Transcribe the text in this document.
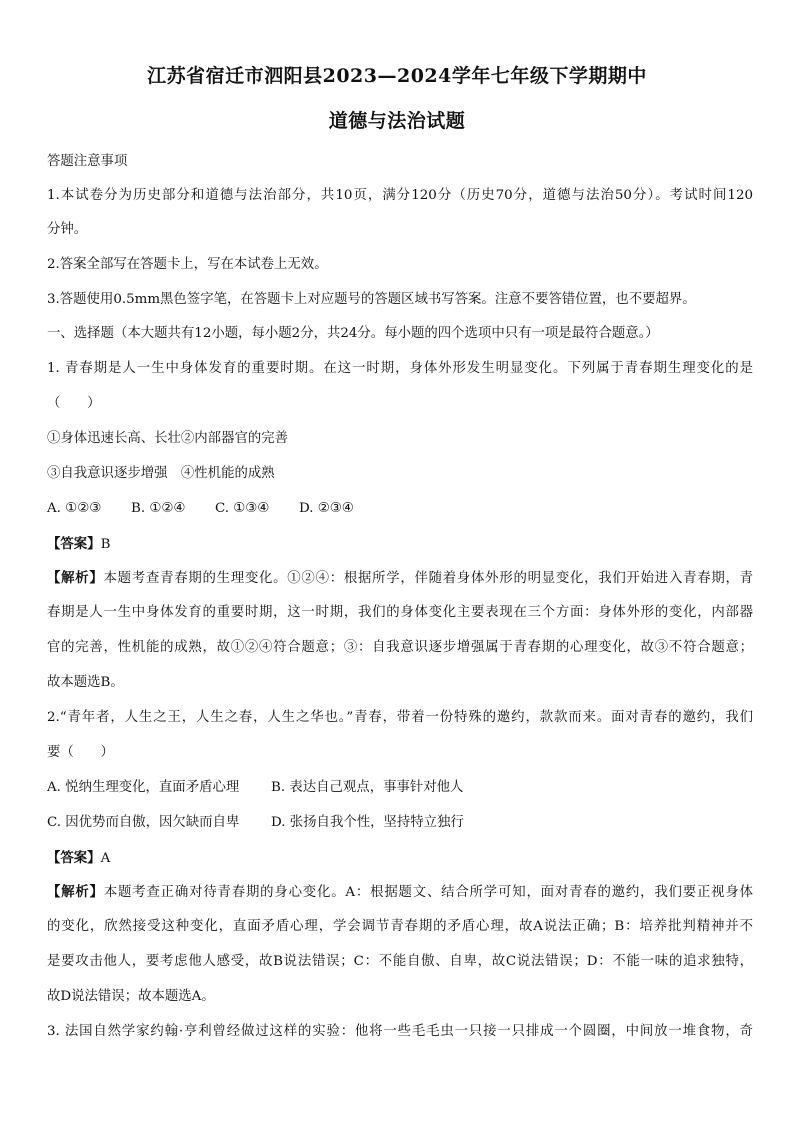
江苏省宿迁市泗阳县2023—2024学年七年级下学期期中
道德与法治试题
答题注意事项
1.本试卷分为历史部分和道德与法治部分，共10页，满分120分（历史70分，道德与法治50分）。考试时间120
分钟。
2.答案全部写在答题卡上，写在本试卷上无效。
3.答题使用0.5mm黑色签字笔，在答题卡上对应题号的答题区域书写答案。注意不要答错位置，也不要超界。
一、选择题（本大题共有12小题，每小题2分，共24分。每小题的四个选项中只有一项是最符合题意。）
1. 青春期是人一生中身体发育的重要时期。在这一时期，身体外形发生明显变化。下列属于青春期生理变化的是
（　　）
①身体迅速长高、长壮②内部器官的完善
③自我意识逐步增强　④性机能的成熟
A. ①②③ B. ①②④ C. ①③④ D. ②③④
【答案】B
【解析】本题考查青春期的生理变化。①②④：根据所学，伴随着身体外形的明显变化，我们开始进入青春期，青
春期是人一生中身体发育的重要时期，这一时期，我们的身体变化主要表现在三个方面：身体外形的变化，内部器
官的完善，性机能的成熟，故①②④符合题意；③：自我意识逐步增强属于青春期的心理变化，故③不符合题意；
故本题选B。
2.“青年者，人生之王，人生之春，人生之华也。”青春，带着一份特殊的邀约，款款而来。面对青春的邀约，我们
要（　　）
A. 悦纳生理变化，直面矛盾心理 B. 表达自己观点，事事针对他人
C. 因优势而自傲，因欠缺而自卑 D. 张扬自我个性，坚持特立独行
【答案】A
【解析】本题考查正确对待青春期的身心变化。A：根据题文、结合所学可知，面对青春的邀约，我们要正视身体
的变化，欣然接受这种变化，直面矛盾心理，学会调节青春期的矛盾心理，故A说法正确；B：培养批判精神并不
是要攻击他人，要考虑他人感受，故B说法错误；C：不能自傲、自卑，故C说法错误；D：不能一味的追求独特，
故D说法错误；故本题选A。
3. 法国自然学家约翰·亨利曾经做过这样的实验：他将一些毛毛虫一只接一只排成一个圆圈，中间放一堆食物，奇
